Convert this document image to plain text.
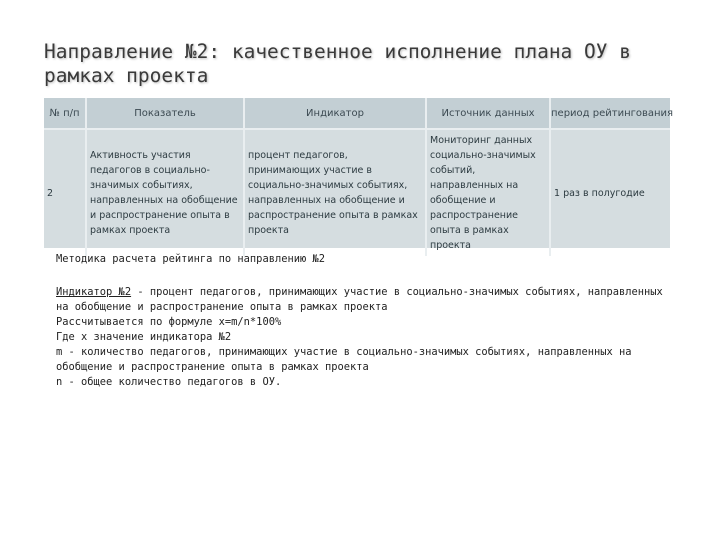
Направление №2: качественное исполнение плана ОУ в рамках проекта
№ п/п	Показатель	Индикатор	Источник данных	период рейтингования
2	Активность участия педагогов в социально-значимых событиях, направленных на обобщение и распространение опыта в рамках проекта	процент педагогов, принимающих участие в социально-значимых событиях, направленных на обобщение и распространение опыта в рамках проекта	Мониторинг данных социально-значимых событий, направленных на обобщение и распространение опыта в рамках проекта	1 раз в полугодие

Методика расчета рейтинга по направлению №2

Индикатор №2 - процент педагогов, принимающих участие в социально-значимых событиях, направленных на обобщение и распространение опыта в рамках проекта

Рассчитывается по формуле x=m/n*100%

Где x значение индикатора №2

m - количество педагогов, принимающих участие в социально-значимых событиях, направленных на обобщение и распространение опыта в рамках проекта

n - общее количество педагогов в ОУ.
